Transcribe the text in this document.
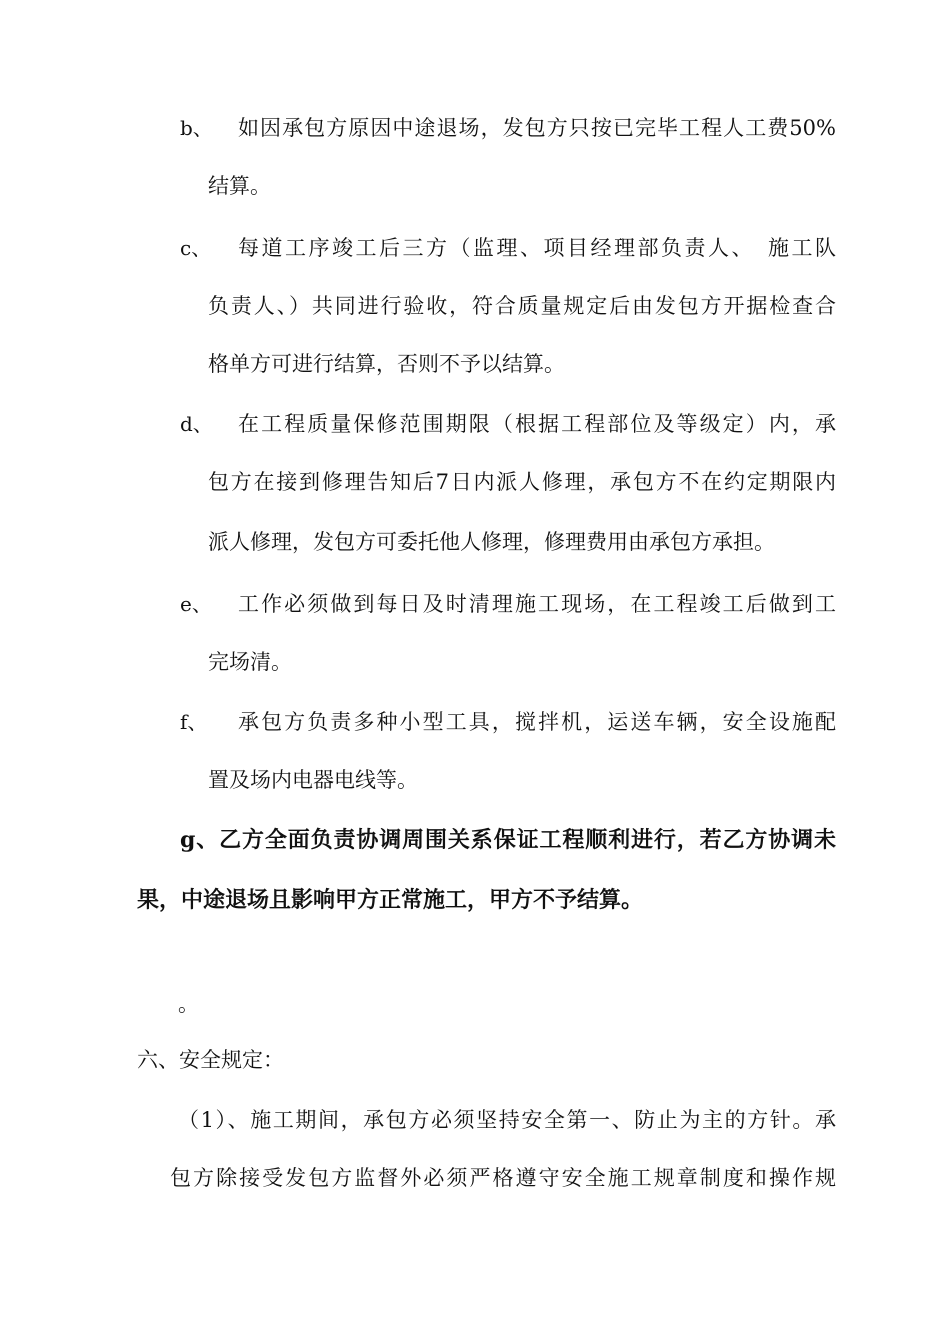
b、 如因承包方原因中途退场，发包方只按已完毕工程人工费50%
结算。
c、 每道工序竣工后三方（监理、项目经理部负责人、　施工队
负责人、）共同进行验收，符合质量规定后由发包方开据检查合
格单方可进行结算，否则不予以结算。
d、 在工程质量保修范围期限（根据工程部位及等级定）内，承
包方在接到修理告知后7日内派人修理，承包方不在约定期限内
派人修理，发包方可委托他人修理，修理费用由承包方承担。
e、 工作必须做到每日及时清理施工现场，在工程竣工后做到工
完场清。
f、 承包方负责多种小型工具，搅拌机，运送车辆，安全设施配
置及场内电器电线等。
g、乙方全面负责协调周围关系保证工程顺利进行，若乙方协调未
果，中途退场且影响甲方正常施工，甲方不予结算。
。
六、安全规定：
（1）、施工期间，承包方必须坚持安全第一、防止为主的方针。承
包方除接受发包方监督外必须严格遵守安全施工规章制度和操作规
